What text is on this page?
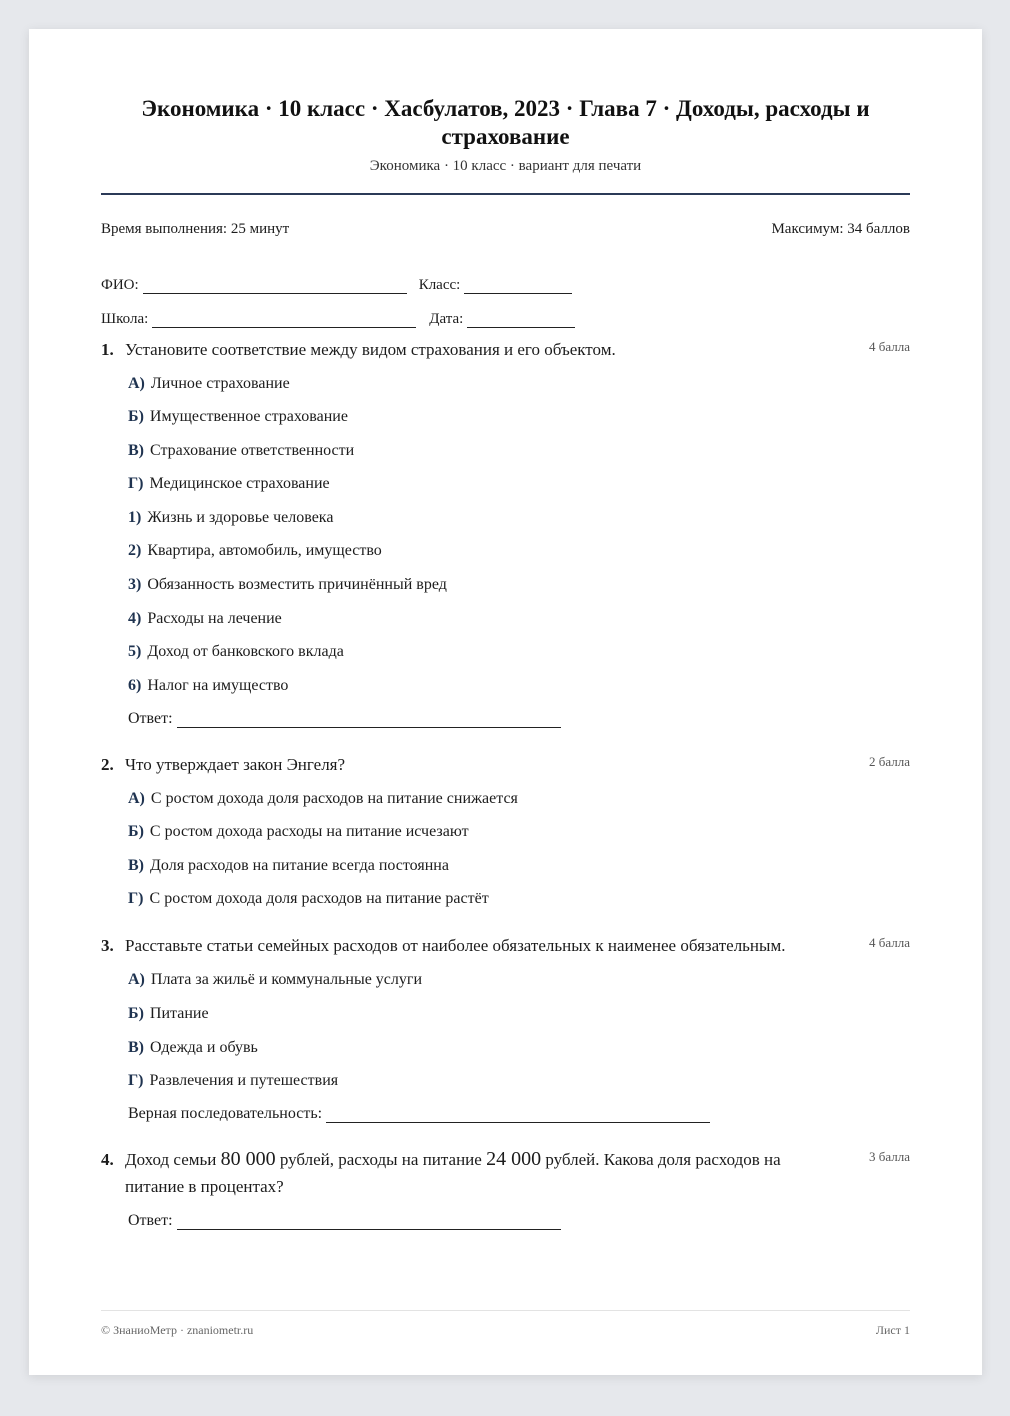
Экономика · 10 класс · Хасбулатов, 2023 · Глава 7 · Доходы, расходы и страхование
Экономика · 10 класс · вариант для печати
Время выполнения: 25 минут	Максимум: 34 баллов
ФИО:	Класс:
Школа:	Дата:
1. Установите соответствие между видом страхования и его объектом.	4 балла
А) Личное страхование
Б) Имущественное страхование
В) Страхование ответственности
Г) Медицинское страхование
1) Жизнь и здоровье человека
2) Квартира, автомобиль, имущество
3) Обязанность возместить причинённый вред
4) Расходы на лечение
5) Доход от банковского вклада
6) Налог на имущество
Ответ:
2. Что утверждает закон Энгеля?	2 балла
А) С ростом дохода доля расходов на питание снижается
Б) С ростом дохода расходы на питание исчезают
В) Доля расходов на питание всегда постоянна
Г) С ростом дохода доля расходов на питание растёт
3. Расставьте статьи семейных расходов от наиболее обязательных к наименее обязательным.	4 балла
А) Плата за жильё и коммунальные услуги
Б) Питание
В) Одежда и обувь
Г) Развлечения и путешествия
Верная последовательность:
4. Доход семьи 80 000 рублей, расходы на питание 24 000 рублей. Какова доля расходов на питание в процентах?
3 балла
Ответ:
© ЗнаниоМетр · znaniometr.ru	Лист 1
